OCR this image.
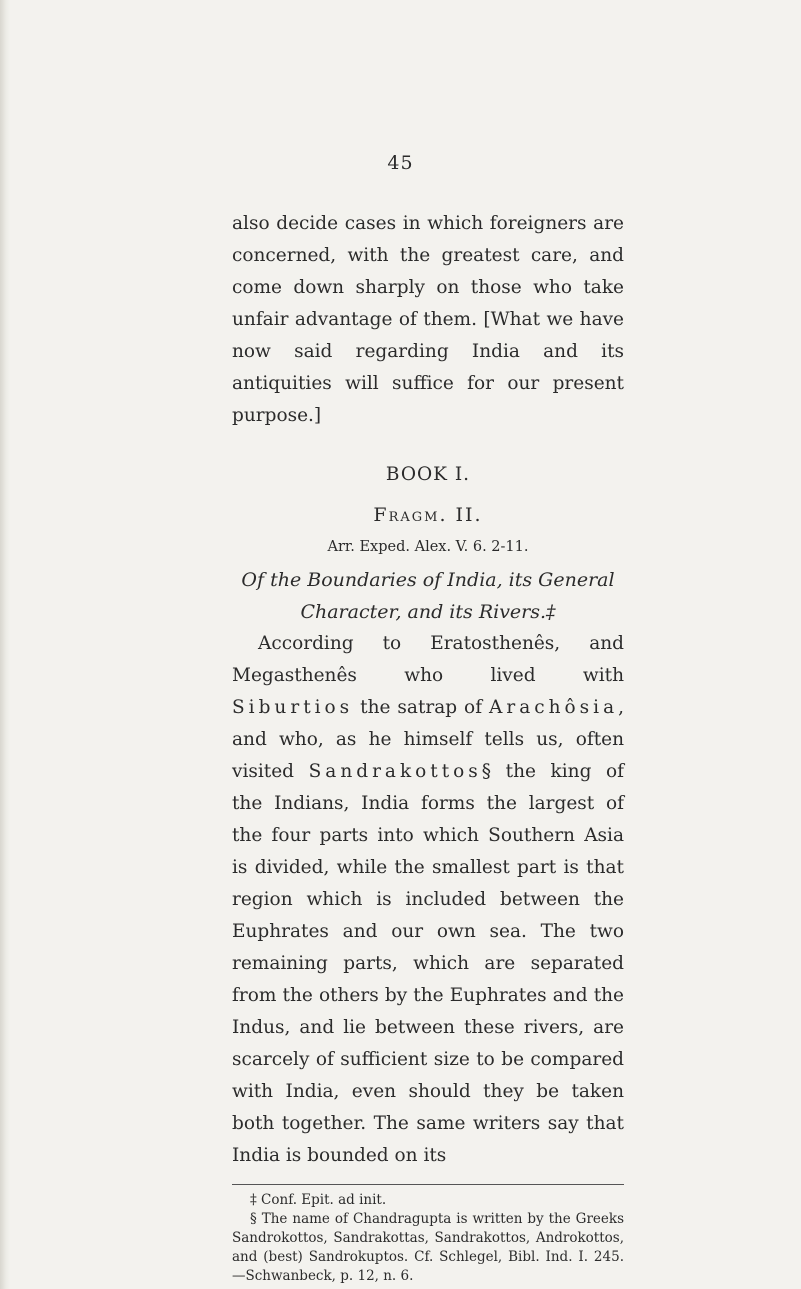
45

also decide cases in which foreigners are concerned, with the greatest care, and come down sharply on those who take unfair advantage of them. [What we have now said regarding India and its antiquities will suffice for our present purpose.]

BOOK I.
Fragm. II.
Arr. Exped. Alex. V. 6. 2-11.
Of the Boundaries of India, its General Character, and its Rivers.‡

According to Eratosthenês, and Megasthenês who lived with Siburtios the satrap of Arachôsia, and who, as he himself tells us, often visited Sandrakottos§ the king of the Indians, India forms the largest of the four parts into which Southern Asia is divided, while the smallest part is that region which is included between the Euphrates and our own sea. The two remaining parts, which are separated from the others by the Euphrates and the Indus, and lie between these rivers, are scarcely of sufficient size to be compared with India, even should they be taken both together. The same writers say that India is bounded on its

‡ Conf. Epit. ad init.

§ The name of Chandragupta is written by the Greeks Sandrokottos, Sandrakottas, Sandrakottos, Androkottos, and (best) Sandrokuptos. Cf. Schlegel, Bibl. Ind. I. 245.—Schwanbeck, p. 12, n. 6.
